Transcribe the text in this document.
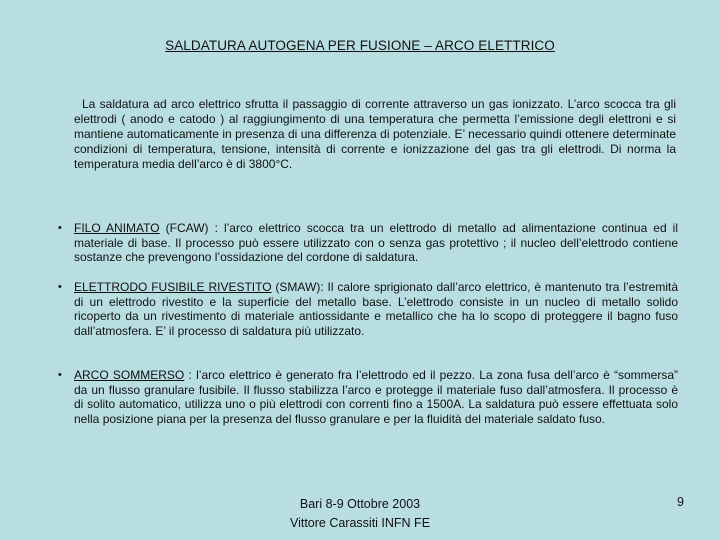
SALDATURA AUTOGENA PER FUSIONE – ARCO ELETTRICO
La saldatura ad arco elettrico sfrutta il passaggio di corrente attraverso un gas ionizzato. L’arco scocca tra gli elettrodi ( anodo e catodo ) al raggiungimento di una temperatura che permetta l’emissione degli elettroni e si mantiene automaticamente in presenza di una differenza di potenziale. E’ necessario quindi ottenere determinate condizioni di temperatura, tensione, intensità di corrente e ionizzazione del gas tra gli elettrodi. Di norma la temperatura media dell’arco è di 3800°C.
•	FILO ANIMATO (FCAW) : l’arco elettrico scocca tra un elettrodo di metallo ad alimentazione continua ed il materiale di base. Il processo può essere utilizzato con o senza gas protettivo ; il nucleo dell’elettrodo contiene sostanze che prevengono l’ossidazione del cordone di saldatura.
•	ELETTRODO FUSIBILE RIVESTITO (SMAW): Il calore sprigionato dall’arco elettrico, è mantenuto tra l’estremità di un elettrodo rivestito e la superficie del metallo base. L’elettrodo consiste in un nucleo di metallo solido ricoperto da un rivestimento di materiale antiossidante e metallico che ha lo scopo di proteggere il bagno fuso dall’atmosfera. E’ il processo di saldatura più utilizzato.
•	ARCO SOMMERSO : l’arco elettrico è generato fra l’elettrodo ed il pezzo. La zona fusa dell’arco è “sommersa” da un flusso granulare fusibile. Il flusso stabilizza l’arco e protegge il materiale fuso dall’atmosfera. Il processo è di solito automatico, utilizza uno o più elettrodi con correnti fino a 1500A. La saldatura può essere effettuata solo nella posizione piana per la presenza del flusso granulare e per la fluidità del materiale saldato fuso.
Bari 8-9 Ottobre 2003
Vittore Carassiti INFN FE
9
